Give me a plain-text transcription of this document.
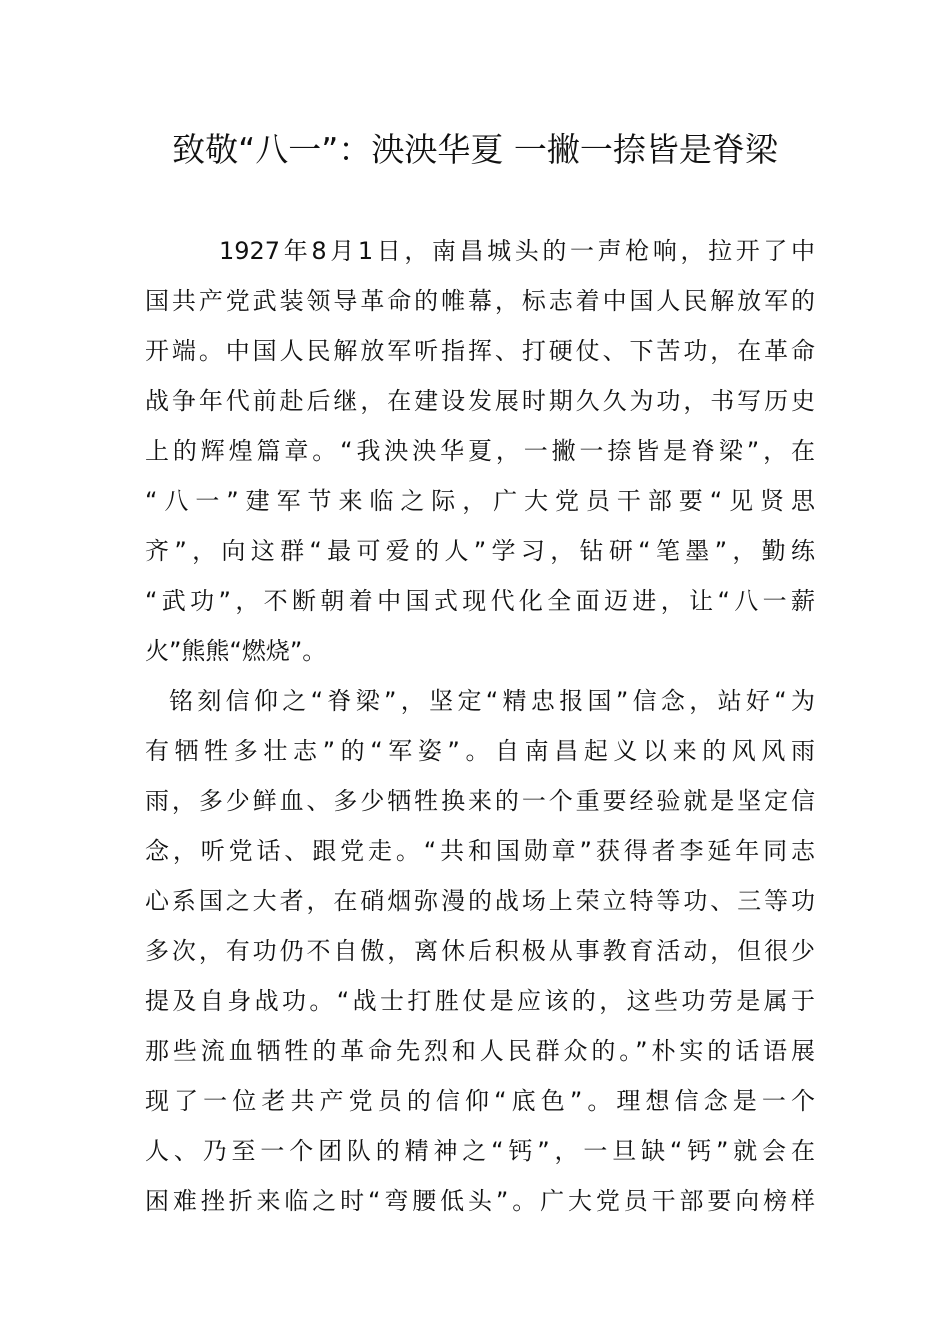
致敬“八一”：泱泱华夏 一撇一捺皆是脊梁
1927年8月1日，南昌城头的一声枪响，拉开了中
国共产党武装领导革命的帷幕，标志着中国人民解放军的
开端。中国人民解放军听指挥、打硬仗、下苦功，在革命
战争年代前赴后继，在建设发展时期久久为功，书写历史
上的辉煌篇章。“我泱泱华夏，一撇一捺皆是脊梁”，在
“八一”建军节来临之际，广大党员干部要“见贤思
齐”，向这群“最可爱的人”学习，钻研“笔墨”，勤练
“武功”，不断朝着中国式现代化全面迈进，让“八一薪
火”熊熊“燃烧”。
铭刻信仰之“脊梁”，坚定“精忠报国”信念，站好“为
有牺牲多壮志”的“军姿”。自南昌起义以来的风风雨
雨，多少鲜血、多少牺牲换来的一个重要经验就是坚定信
念，听党话、跟党走。“共和国勋章”获得者李延年同志
心系国之大者，在硝烟弥漫的战场上荣立特等功、三等功
多次，有功仍不自傲，离休后积极从事教育活动，但很少
提及自身战功。“战士打胜仗是应该的，这些功劳是属于
那些流血牺牲的革命先烈和人民群众的。”朴实的话语展
现了一位老共产党员的信仰“底色”。理想信念是一个
人、乃至一个团队的精神之“钙”，一旦缺“钙”就会在
困难挫折来临之时“弯腰低头”。广大党员干部要向榜样
